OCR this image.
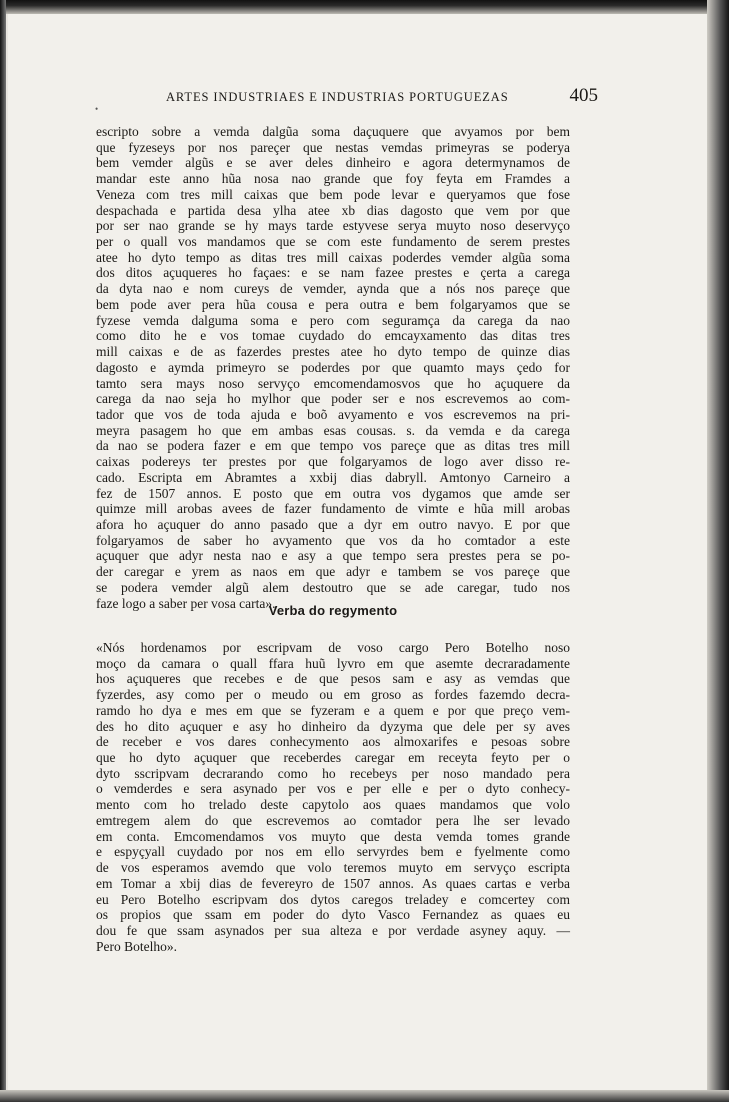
ARTES INDUSTRIAES E INDUSTRIAS PORTUGUEZAS	405
•
escripto sobre a vemda dalgũa soma daçuquere que avyamos por bem
que fyzeseys por nos pareçer que nestas vemdas primeyras se poderya
bem vemder algũs e se aver deles dinheiro e agora determynamos de
mandar este anno hũa nosa nao grande que foy feyta em Framdes a
Veneza com tres mill caixas que bem pode levar e queryamos que fose
despachada e partida desa ylha atee xb dias dagosto que vem por que
por ser nao grande se hy mays tarde estyvese serya muyto noso deservyço
per o quall vos mandamos que se com este fundamento de serem prestes
atee ho dyto tempo as ditas tres mill caixas poderdes vemder algũa soma
dos ditos açuqueres ho façaes: e se nam fazee prestes e çerta a carega
da dyta nao e nom cureys de vemder, aynda que a nós nos pareçe que
bem pode aver pera hũa cousa e pera outra e bem folgaryamos que se
fyzese vemda dalguma soma e pero com seguramça da carega da nao
como dito he e vos tomae cuydado do emcayxamento das ditas tres
mill caixas e de as fazerdes prestes atee ho dyto tempo de quinze dias
dagosto e aymda primeyro se poderdes por que quamto mays çedo for
tamto sera mays noso servyço emcomendamosvos que ho açuquere da
carega da nao seja ho mylhor que poder ser e nos escrevemos ao com-
tador que vos de toda ajuda e boõ avyamento e vos escrevemos na pri-
meyra pasagem ho que em ambas esas cousas. s. da vemda e da carega
da nao se podera fazer e em que tempo vos pareçe que as ditas tres mill
caixas podereys ter prestes por que folgaryamos de logo aver disso re-
cado. Escripta em Abramtes a xxbij dias dabryll. Amtonyo Carneiro a
fez de 1507 annos. E posto que em outra vos dygamos que amde ser
quimze mill arobas avees de fazer fundamento de vimte e hũa mill arobas
afora ho açuquer do anno pasado que a dyr em outro navyo. E por que
folgaryamos de saber ho avyamento que vos da ho comtador a este
açuquer que adyr nesta nao e asy a que tempo sera prestes pera se po-
der caregar e yrem as naos em que adyr e tambem se vos pareçe que
se podera vemder algũ alem destoutro que se ade caregar, tudo nos
faze logo a saber per vosa carta».
Verba do regymento
«Nós hordenamos por escripvam de voso cargo Pero Botelho noso
moço da camara o quall ffara huũ lyvro em que asemte decraradamente
hos açuqueres que recebes e de que pesos sam e asy as vemdas que
fyzerdes, asy como per o meudo ou em groso as fordes fazemdo decra-
ramdo ho dya e mes em que se fyzeram e a quem e por que preço vem-
des ho dito açuquer e asy ho dinheiro da dyzyma que dele per sy aves
de receber e vos dares conhecymento aos almoxarifes e pesoas sobre
que ho dyto açuquer que receberdes caregar em receyta feyto per o
dyto sscripvam decrarando como ho recebeys per noso mandado pera
o vemderdes e sera asynado per vos e per elle e per o dyto conhecy-
mento com ho trelado deste capytolo aos quaes mandamos que volo
emtregem alem do que escrevemos ao comtador pera lhe ser levado
em conta. Emcomendamos vos muyto que desta vemda tomes grande
e espyçyall cuydado por nos em ello servyrdes bem e fyelmente como
de vos esperamos avemdo que volo teremos muyto em servyço escripta
em Tomar a xbij dias de fevereyro de 1507 annos. As quaes cartas e verba
eu Pero Botelho escripvam dos dytos caregos treladey e comcertey com
os propios que ssam em poder do dyto Vasco Fernandez as quaes eu
dou fe que ssam asynados per sua alteza e por verdade asyney aquy. —
Pero Botelho».
